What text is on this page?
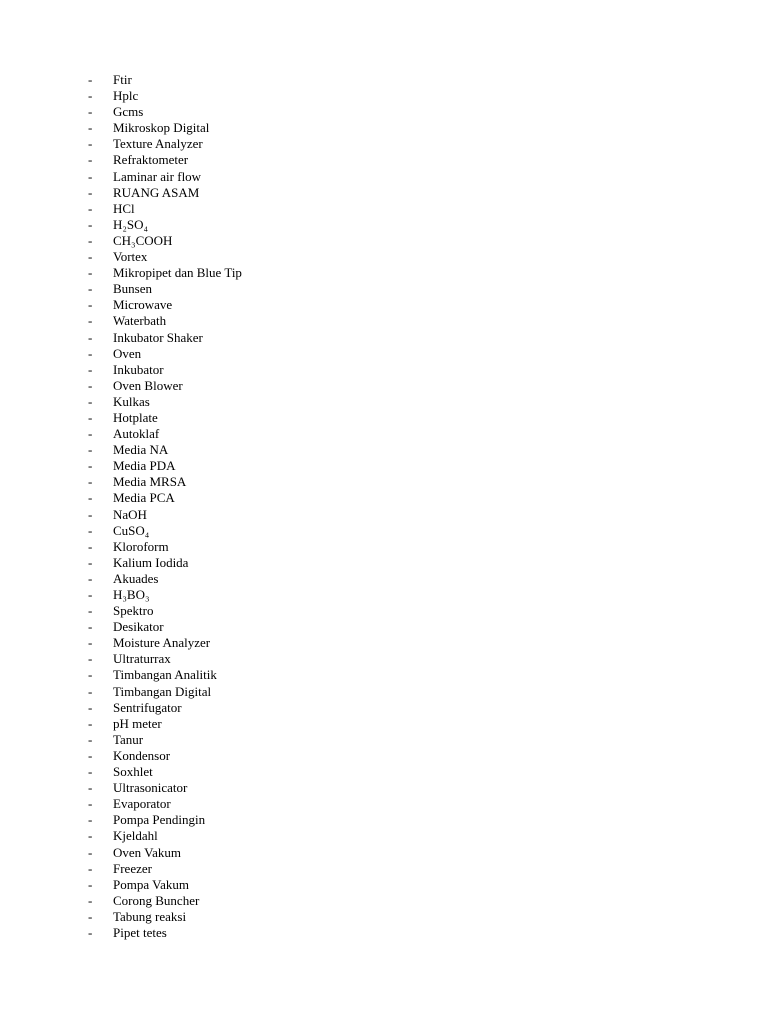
-	Ftir
-	Hplc
-	Gcms
-	Mikroskop Digital
-	Texture Analyzer
-	Refraktometer
-	Laminar air flow
-	RUANG ASAM
-	HCl
-	H₂SO₄
-	CH₃COOH
-	Vortex
-	Mikropipet dan Blue Tip
-	Bunsen
-	Microwave
-	Waterbath
-	Inkubator Shaker
-	Oven
-	Inkubator
-	Oven Blower
-	Kulkas
-	Hotplate
-	Autoklaf
-	Media NA
-	Media PDA
-	Media MRSA
-	Media PCA
-	NaOH
-	CuSO₄
-	Kloroform
-	Kalium Iodida
-	Akuades
-	H₃BO₃
-	Spektro
-	Desikator
-	Moisture Analyzer
-	Ultraturrax
-	Timbangan Analitik
-	Timbangan Digital
-	Sentrifugator
-	pH meter
-	Tanur
-	Kondensor
-	Soxhlet
-	Ultrasonicator
-	Evaporator
-	Pompa Pendingin
-	Kjeldahl
-	Oven Vakum
-	Freezer
-	Pompa Vakum
-	Corong Buncher
-	Tabung reaksi
-	Pipet tetes
